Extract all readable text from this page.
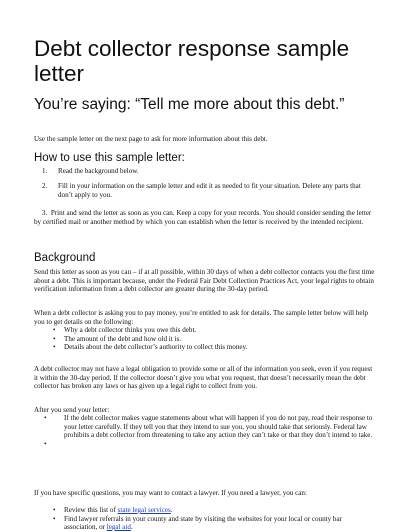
Debt collector response sample letter
You’re saying: “Tell me more about this debt.”
Use the sample letter on the next page to ask for more information about this debt.
How to use this sample letter:
1. Read the background below.
2. Fill in your information on the sample letter and edit it as needed to fit your situation. Delete any parts that don’t apply to you.
3. Print and send the letter as soon as you can. Keep a copy for your records. You should consider sending the letter by certified mail or another method by which you can establish when the letter is received by the intended recipient.
Background
Send this letter as soon as you can – if at all possible, within 30 days of when a debt collector contacts you the first time about a debt. This is important because, under the Federal Fair Debt Collection Practices Act, your legal rights to obtain verification information from a debt collector are greater during the 30-day period.
When a debt collector is asking you to pay money, you’re entitled to ask for details. The sample letter below will help you to get details on the following:
• Why a debt collector thinks you owe this debt.
• The amount of the debt and how old it is.
• Details about the debt collector’s authority to collect this money.
A debt collector may not have a legal obligation to provide some or all of the information you seek, even if you request it within the 30-day period. If the collector doesn’t give you what you request, that doesn’t necessarily mean the debt collector has broken any laws or has given up a legal right to collect from you.
After you send your letter:
• If the debt collector makes vague statements about what will happen if you do not pay, read their response to your letter carefully. If they tell you that they intend to sue you, you should take that seriously. Federal law prohibits a debt collector from threatening to take any action they can’t take or that they don’t intend to take.
•
If you have specific questions, you may want to contact a lawyer. If you need a lawyer, you can:
• Review this list of state legal services.
• Find lawyer referrals in your county and state by visiting the websites for your local or county bar association, or legal aid.
